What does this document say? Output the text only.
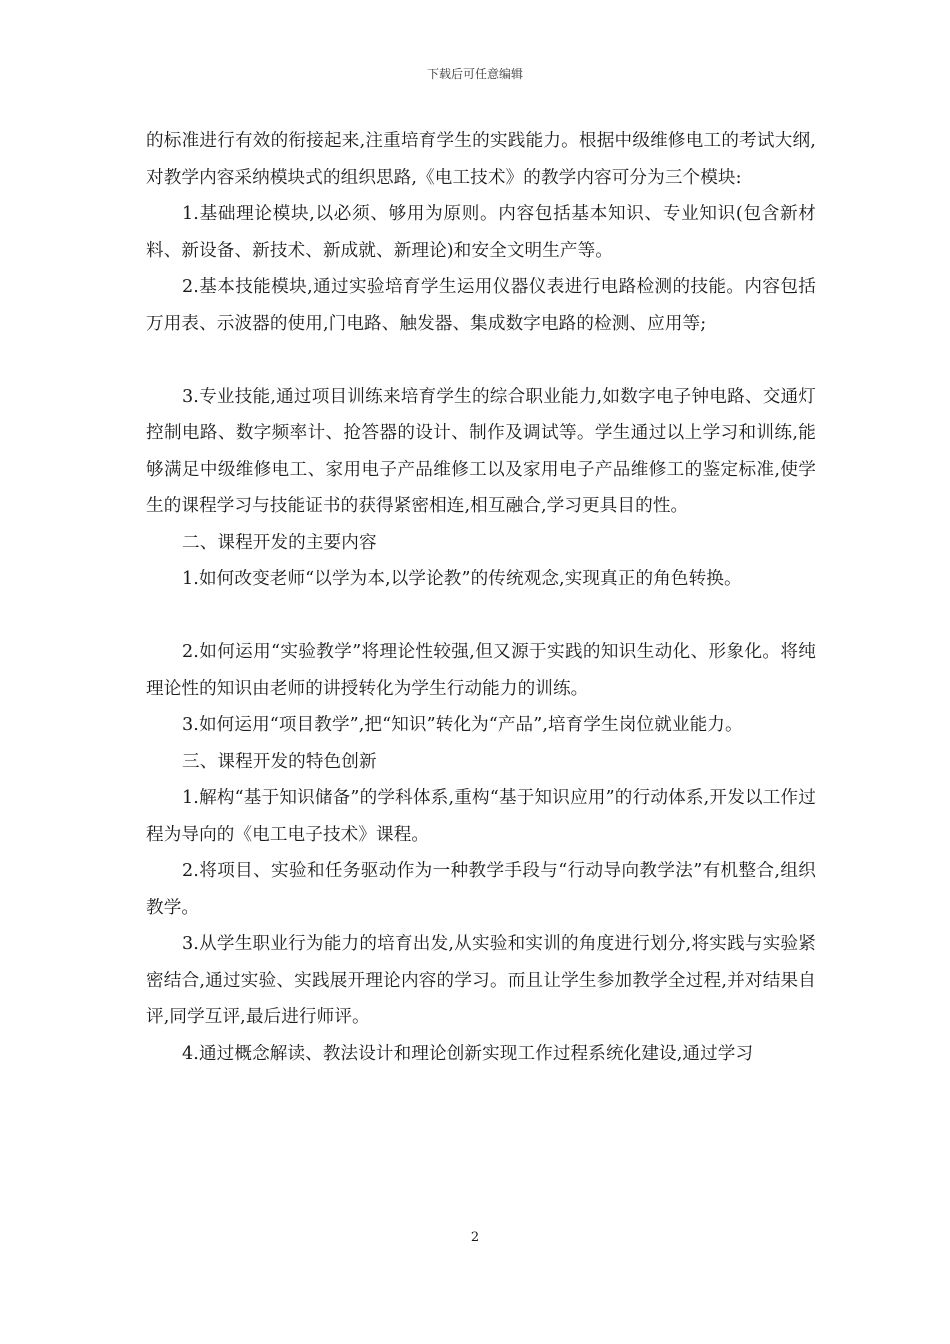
下载后可任意编辑

的标准进行有效的衔接起来,注重培育学生的实践能力。根据中级维修电工的考试大纲,对教学内容采纳模块式的组织思路,《电工技术》的教学内容可分为三个模块:

1.基础理论模块,以必须、够用为原则。内容包括基本知识、专业知识(包含新材料、新设备、新技术、新成就、新理论)和安全文明生产等。

2.基本技能模块,通过实验培育学生运用仪器仪表进行电路检测的技能。内容包括万用表、示波器的使用,门电路、触发器、集成数字电路的检测、应用等;

3.专业技能,通过项目训练来培育学生的综合职业能力,如数字电子钟电路、交通灯控制电路、数字频率计、抢答器的设计、制作及调试等。学生通过以上学习和训练,能够满足中级维修电工、家用电子产品维修工以及家用电子产品维修工的鉴定标准,使学生的课程学习与技能证书的获得紧密相连,相互融合,学习更具目的性。

二、课程开发的主要内容

1.如何改变老师“以学为本,以学论教”的传统观念,实现真正的角色转换。

2.如何运用“实验教学”将理论性较强,但又源于实践的知识生动化、形象化。将纯理论性的知识由老师的讲授转化为学生行动能力的训练。

3.如何运用“项目教学”,把“知识”转化为“产品”,培育学生岗位就业能力。

三、课程开发的特色创新

1.解构“基于知识储备”的学科体系,重构“基于知识应用”的行动体系,开发以工作过程为导向的《电工电子技术》课程。

2.将项目、实验和任务驱动作为一种教学手段与“行动导向教学法”有机整合,组织教学。

3.从学生职业行为能力的培育出发,从实验和实训的角度进行划分,将实践与实验紧密结合,通过实验、实践展开理论内容的学习。而且让学生参加教学全过程,并对结果自评,同学互评,最后进行师评。

4.通过概念解读、教法设计和理论创新实现工作过程系统化建设,通过学习

2
